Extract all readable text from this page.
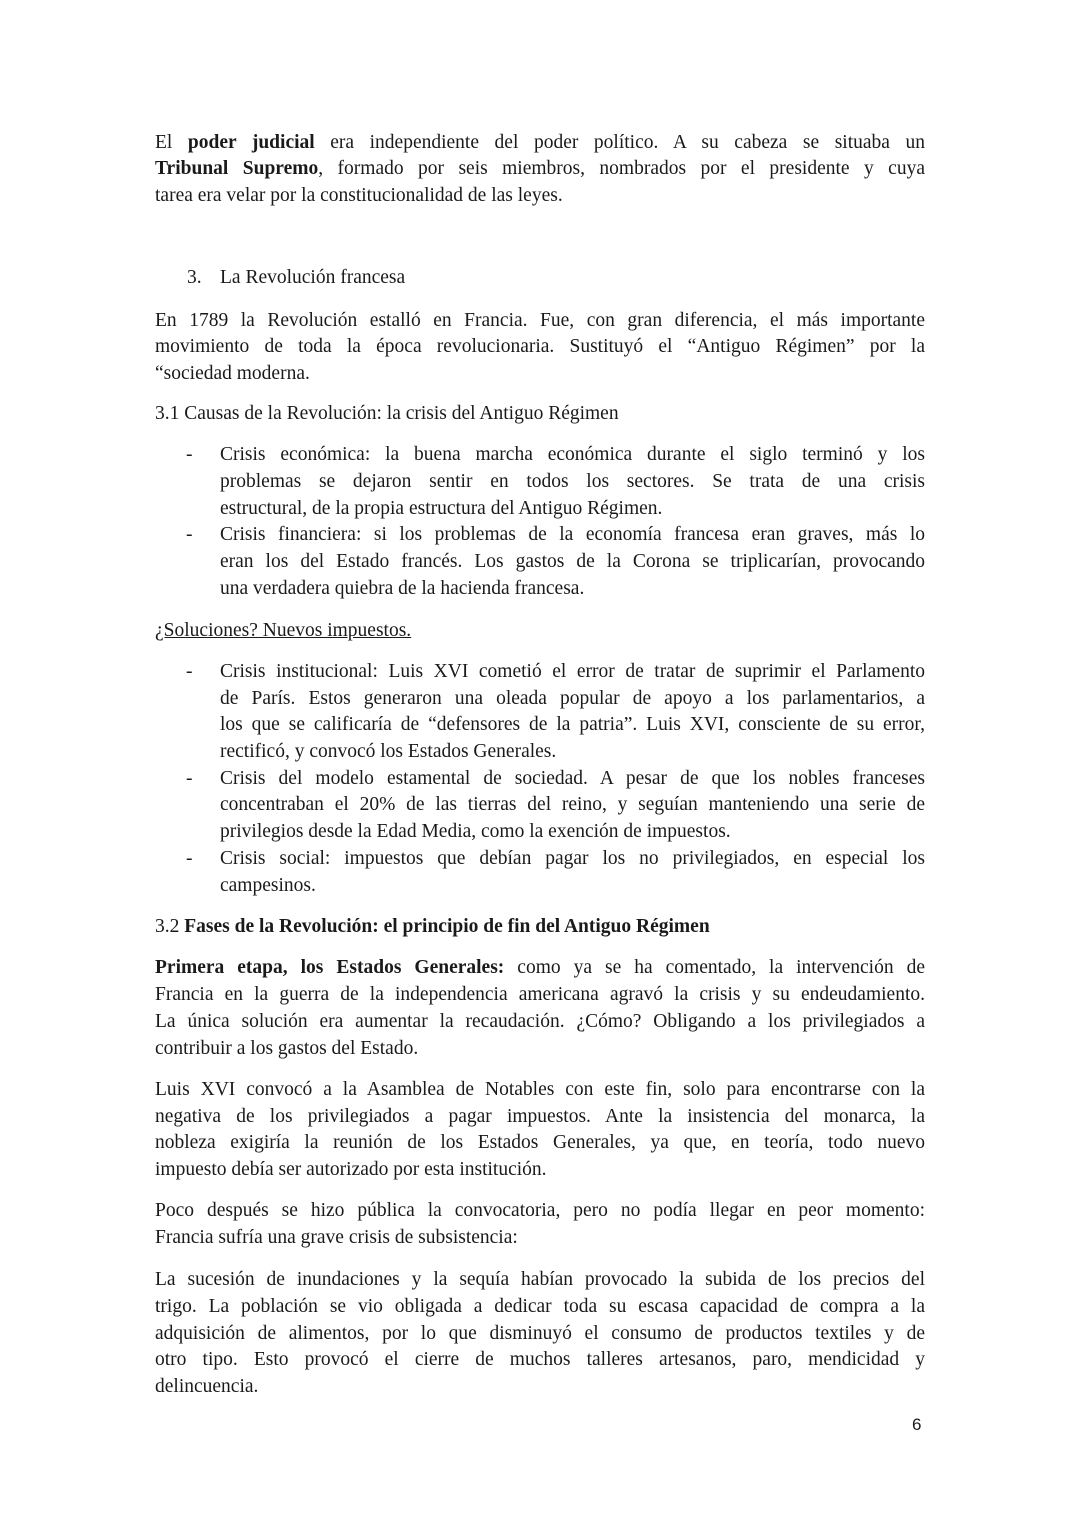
El poder judicial era independiente del poder político. A su cabeza se situaba un
Tribunal Supremo, formado por seis miembros, nombrados por el presidente y cuya
tarea era velar por la constitucionalidad de las leyes.
3. La Revolución francesa
En 1789 la Revolución estalló en Francia. Fue, con gran diferencia, el más importante
movimiento de toda la época revolucionaria. Sustituyó el “Antiguo Régimen” por la
“sociedad moderna.
3.1 Causas de la Revolución: la crisis del Antiguo Régimen
- Crisis económica: la buena marcha económica durante el siglo terminó y los
problemas se dejaron sentir en todos los sectores. Se trata de una crisis
estructural, de la propia estructura del Antiguo Régimen.
- Crisis financiera: si los problemas de la economía francesa eran graves, más lo
eran los del Estado francés. Los gastos de la Corona se triplicarían, provocando
una verdadera quiebra de la hacienda francesa.
¿Soluciones? Nuevos impuestos.
- Crisis institucional: Luis XVI cometió el error de tratar de suprimir el Parlamento
de París. Estos generaron una oleada popular de apoyo a los parlamentarios, a
los que se calificaría de “defensores de la patria”. Luis XVI, consciente de su error,
rectificó, y convocó los Estados Generales.
- Crisis del modelo estamental de sociedad. A pesar de que los nobles franceses
concentraban el 20% de las tierras del reino, y seguían manteniendo una serie de
privilegios desde la Edad Media, como la exención de impuestos.
- Crisis social: impuestos que debían pagar los no privilegiados, en especial los
campesinos.
3.2 Fases de la Revolución: el principio de fin del Antiguo Régimen
Primera etapa, los Estados Generales: como ya se ha comentado, la intervención de
Francia en la guerra de la independencia americana agravó la crisis y su endeudamiento.
La única solución era aumentar la recaudación. ¿Cómo? Obligando a los privilegiados a
contribuir a los gastos del Estado.
Luis XVI convocó a la Asamblea de Notables con este fin, solo para encontrarse con la
negativa de los privilegiados a pagar impuestos. Ante la insistencia del monarca, la
nobleza exigiría la reunión de los Estados Generales, ya que, en teoría, todo nuevo
impuesto debía ser autorizado por esta institución.
Poco después se hizo pública la convocatoria, pero no podía llegar en peor momento:
Francia sufría una grave crisis de subsistencia:
La sucesión de inundaciones y la sequía habían provocado la subida de los precios del
trigo. La población se vio obligada a dedicar toda su escasa capacidad de compra a la
adquisición de alimentos, por lo que disminuyó el consumo de productos textiles y de
otro tipo. Esto provocó el cierre de muchos talleres artesanos, paro, mendicidad y
delincuencia.
6
